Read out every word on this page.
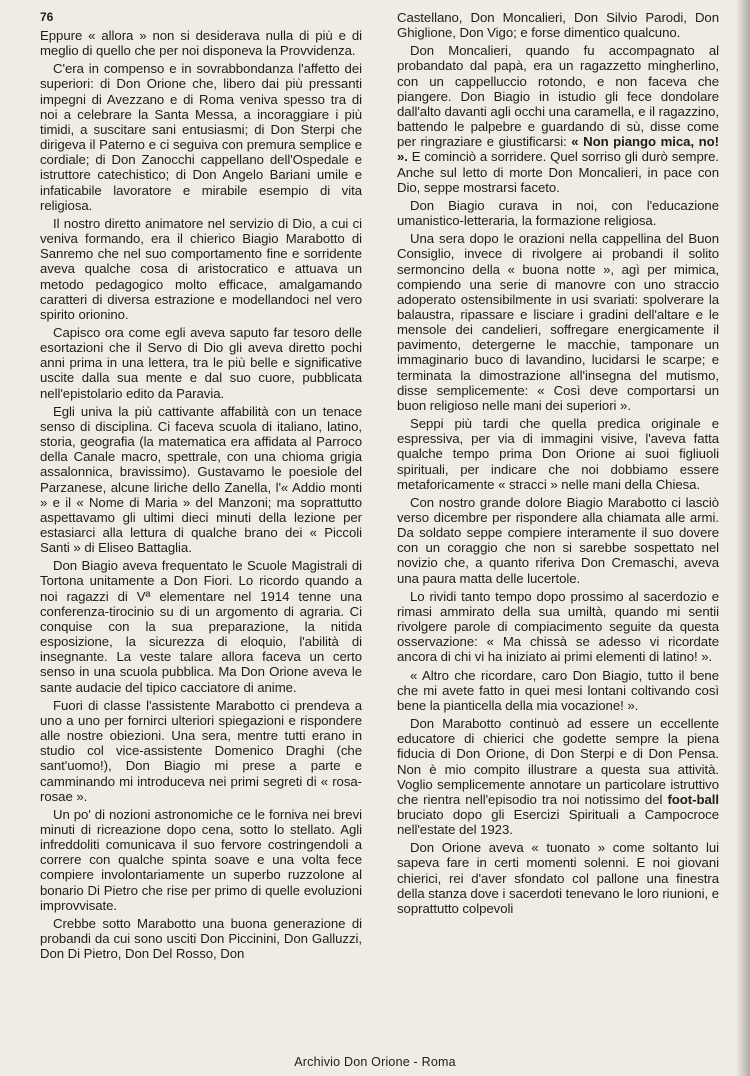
76

Eppure « allora » non si desiderava nulla di più e di meglio di quello che per noi disponeva la Provvidenza.

C'era in compenso e in sovrabbondanza l'affetto dei superiori: di Don Orione che, libero dai più pressanti impegni di Avezzano e di Roma veniva spesso tra di noi a celebrare la Santa Messa, a incoraggiare i più timidi, a suscitare sani entusiasmi; di Don Sterpi che dirigeva il Paterno e ci seguiva con premura semplice e cordiale; di Don Zanocchi cappellano dell'Ospedale e istruttore catechistico; di Don Angelo Bariani umile e infaticabile lavoratore e mirabile esempio di vita religiosa.

Il nostro diretto animatore nel servizio di Dio, a cui ci veniva formando, era il chierico Biagio Marabotto di Sanremo che nel suo comportamento fine e sorridente aveva qualche cosa di aristocratico e attuava un metodo pedagogico molto efficace, amalgamando caratteri di diversa estrazione e modellandoci nel vero spirito orionino.

Capisco ora come egli aveva saputo far tesoro delle esortazioni che il Servo di Dio gli aveva diretto pochi anni prima in una lettera, tra le più belle e significative uscite dalla sua mente e dal suo cuore, pubblicata nell'epistolario edito da Paravia.

Egli univa la più cattivante affabilità con un tenace senso di disciplina. Ci faceva scuola di italiano, latino, storia, geografia (la matematica era affidata al Parroco della Canale macro, spettrale, con una chioma grigia assalonnica, bravissimo). Gustavamo le poesiole del Parzanese, alcune liriche dello Zanella, l'« Addio monti » e il « Nome di Maria » del Manzoni; ma soprattutto aspettavamo gli ultimi dieci minuti della lezione per estasiarci alla lettura di qualche brano dei « Piccoli Santi » di Eliseo Battaglia.

Don Biagio aveva frequentato le Scuole Magistrali di Tortona unitamente a Don Fiori. Lo ricordo quando a noi ragazzi di Vª elementare nel 1914 tenne una conferenza-tirocinio su di un argomento di agraria. Ci conquise con la sua preparazione, la nitida esposizione, la sicurezza di eloquio, l'abilità di insegnante. La veste talare allora faceva un certo senso in una scuola pubblica. Ma Don Orione aveva le sante audacie del tipico cacciatore di anime.

Fuori di classe l'assistente Marabotto ci prendeva a uno a uno per fornirci ulteriori spiegazioni e rispondere alle nostre obiezioni. Una sera, mentre tutti erano in studio col vice-assistente Domenico Draghi (che sant'uomo!), Don Biagio mi prese a parte e camminando mi introduceva nei primi segreti di « rosa-rosae ».

Un po' di nozioni astronomiche ce le forniva nei brevi minuti di ricreazione dopo cena, sotto lo stellato. Agli infreddoliti comunicava il suo fervore costringendoli a correre con qualche spinta soave e una volta fece compiere involontariamente un superbo ruzzolone al bonario Di Pietro che rise per primo di quelle evoluzioni improvvisate.

Crebbe sotto Marabotto una buona generazione di probandi da cui sono usciti Don Piccinini, Don Galluzzi, Don Di Pietro, Don Del Rosso, Don

Castellano, Don Moncalieri, Don Silvio Parodi, Don Ghiglione, Don Vigo; e forse dimentico qualcuno.

Don Moncalieri, quando fu accompagnato al probandato dal papà, era un ragazzetto mingherlino, con un cappelluccio rotondo, e non faceva che piangere. Don Biagio in istudio gli fece dondolare dall'alto davanti agli occhi una caramella, e il ragazzino, battendo le palpebre e guardando di sù, disse come per ringraziare e giustificarsi: « Non piango mica, no! ». E cominciò a sorridere. Quel sorriso gli durò sempre. Anche sul letto di morte Don Moncalieri, in pace con Dio, seppe mostrarsi faceto.

Don Biagio curava in noi, con l'educazione umanistico-letteraria, la formazione religiosa.

Una sera dopo le orazioni nella cappellina del Buon Consiglio, invece di rivolgere ai probandi il solito sermoncino della « buona notte », agì per mimica, compiendo una serie di manovre con uno straccio adoperato ostensibilmente in usi svariati: spolverare la balaustra, ripassare e lisciare i gradini dell'altare e le mensole dei candelieri, soffregare energicamente il pavimento, detergerne le macchie, tamponare un immaginario buco di lavandino, lucidarsi le scarpe; e terminata la dimostrazione all'insegna del mutismo, disse semplicemente: « Così deve comportarsi un buon religioso nelle mani dei superiori ».

Seppi più tardi che quella predica originale e espressiva, per via di immagini visive, l'aveva fatta qualche tempo prima Don Orione ai suoi figliuoli spirituali, per indicare che noi dobbiamo essere metaforicamente « stracci » nelle mani della Chiesa.

Con nostro grande dolore Biagio Marabotto ci lasciò verso dicembre per rispondere alla chiamata alle armi. Da soldato seppe compiere interamente il suo dovere con un coraggio che non si sarebbe sospettato nel novizio che, a quanto riferiva Don Cremaschi, aveva una paura matta delle lucertole.

Lo rividi tanto tempo dopo prossimo al sacerdozio e rimasi ammirato della sua umiltà, quando mi sentii rivolgere parole di compiacimento seguite da questa osservazione: « Ma chissà se adesso vi ricordate ancora di chi vi ha iniziato ai primi elementi di latino! ».

« Altro che ricordare, caro Don Biagio, tutto il bene che mi avete fatto in quei mesi lontani coltivando così bene la pianticella della mia vocazione! ».

Don Marabotto continuò ad essere un eccellente educatore di chierici che godette sempre la piena fiducia di Don Orione, di Don Sterpi e di Don Pensa. Non è mio compito illustrare a questa sua attività. Voglio semplicemente annotare un particolare istruttivo che rientra nell'episodio tra noi notissimo del foot-ball bruciato dopo gli Esercizi Spirituali a Campocroce nell'estate del 1923.

Don Orione aveva « tuonato » come soltanto lui sapeva fare in certi momenti solenni. E noi giovani chierici, rei d'aver sfondato col pallone una finestra della stanza dove i sacerdoti tenevano le loro riunioni, e soprattutto colpevoli

Archivio Don Orione - Roma
